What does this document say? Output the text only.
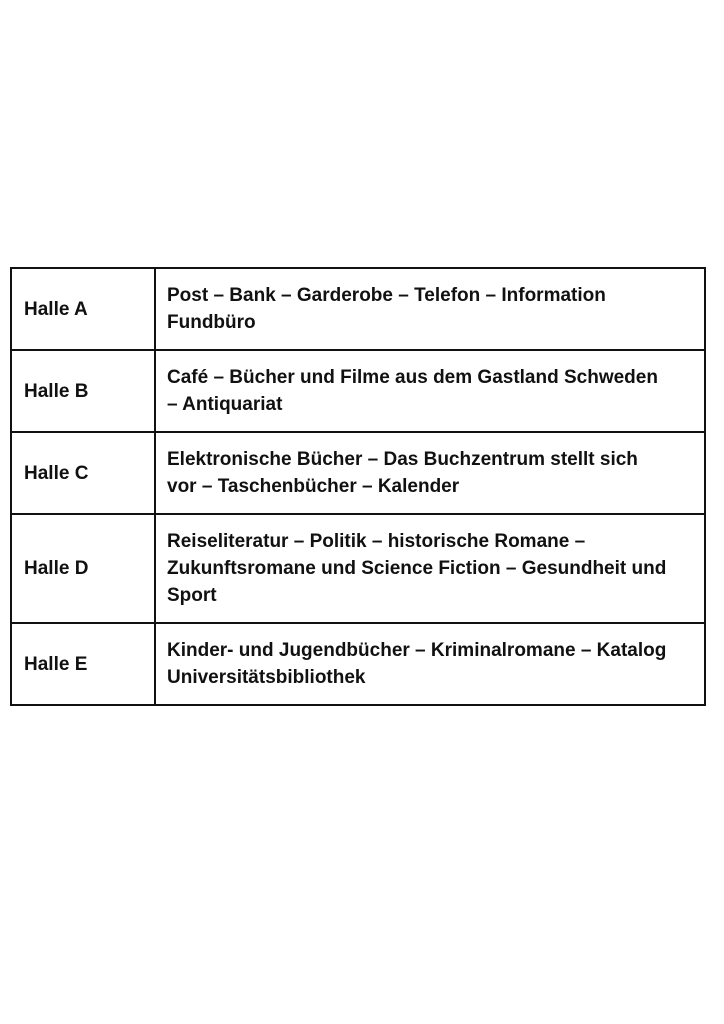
Halle A	Post – Bank – Garderobe – Telefon – Information
Fundbüro
Halle B	Café – Bücher und Filme aus dem Gastland Schweden
– Antiquariat
Halle C	Elektronische Bücher – Das Buchzentrum stellt sich
vor – Taschenbücher – Kalender
Halle D	Reiseliteratur – Politik – historische Romane –
Zukunftsromane und Science Fiction – Gesundheit und
Sport
Halle E	Kinder- und Jugendbücher – Kriminalromane – Katalog
Universitätsbibliothek
